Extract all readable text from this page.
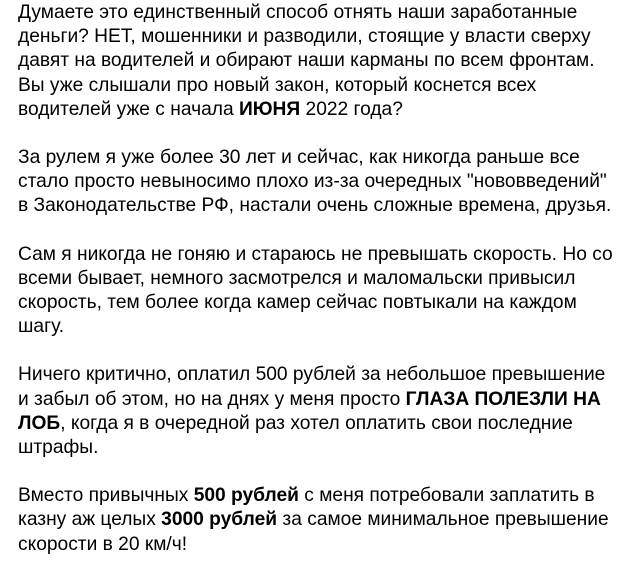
Думаете это единственный способ отнять наши заработанные деньги? НЕТ, мошенники и разводили, стоящие у власти сверху давят на водителей и обирают наши карманы по всем фронтам.
Вы уже слышали про новый закон, который коснется всех водителей уже с начала ИЮНЯ 2022 года?

За рулем я уже более 30 лет и сейчас, как никогда раньше все стало просто невыносимо плохо из-за очередных "нововведений" в Законодательстве РФ, настали очень сложные времена, друзья.

Сам я никогда не гоняю и стараюсь не превышать скорость. Но со всеми бывает, немного засмотрелся и маломальски привысил скорость, тем более когда камер сейчас повтыкали на каждом шагу.

Ничего критично, оплатил 500 рублей за небольшое превышение и забыл об этом, но на днях у меня просто ГЛАЗА ПОЛЕЗЛИ НА ЛОБ, когда я в очередной раз хотел оплатить свои последние штрафы.

Вместо привычных 500 рублей с меня потребовали заплатить в казну аж целых 3000 рублей за самое минимальное превышение скорости в 20 км/ч!
